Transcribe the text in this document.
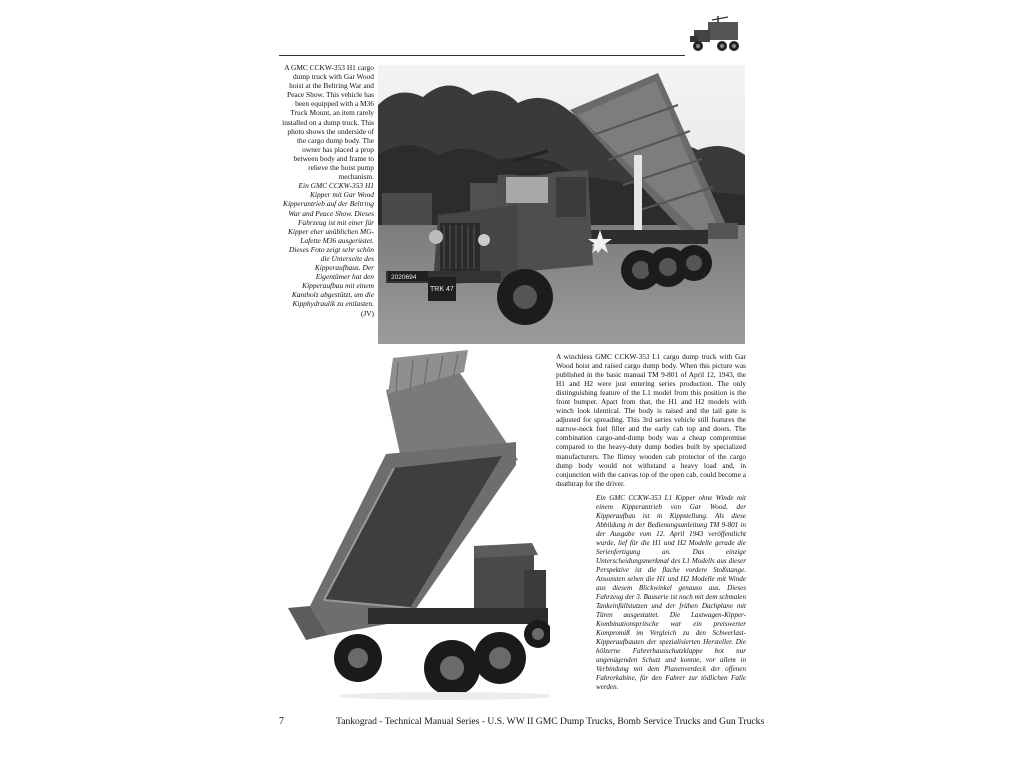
A GMC CCKW-353 H1 cargo dump truck with Gar Wood hoist at the Beltring War and Peace Show. This vehicle has been equipped with a M36 Truck Mount, an item rarely installed on a dump truck. This photo shows the underside of the cargo dump body. The owner has placed a prop between body and frame to relieve the hoist pump mechanism.

Ein GMC CCKW-353 H1 Kipper mit Gar Wood Kipperantrieb auf der Beltring War and Peace Show. Dieses Fahrzeug ist mit einer für Kipper eher unüblichen MG-Lafette M36 ausgerüstet. Dieses Foto zeigt sehr schön die Unterseite des Kipperaufbaus. Der Eigentümer hat den Kipperaufbau mit einem Kantholz abgestützt, um die Kipphydraulik zu entlasten.

(JV)

2020694
TRK 47
A winchless GMC CCKW-353 L1 cargo dump truck with Gar Wood hoist and raised cargo dump body. When this picture was published in the basic manual TM 9-801 of April 12, 1943, the H1 and H2 were just entering series production. The only distinguishing feature of the L1 model from this position is the front bumper. Apart from that, the H1 and H2 models with winch look identical. The body is raised and the tail gate is adjusted for spreading. This 3rd series vehicle still features the narrow-neck fuel filler and the early cab top and doors. The combination cargo-and-dump body was a cheap compromise compared to the heavy-duty dump bodies built by specialized manufacturers. The flimsy wooden cab protector of the cargo dump body would not withstand a heavy load and, in conjunction with the canvas top of the open cab, could become a deathtrap for the driver.
Ein GMC CCKW-353 L1 Kipper ohne Winde mit einem Kipperantrieb von Gar Wood, der Kipperaufbau ist in Kippstellung. Als diese Abbildung in der Bedienungsanleitung TM 9-801 in der Ausgabe vom 12. April 1943 veröffentlicht wurde, lief für die H1 und H2 Modelle gerade die Serienfertigung an. Das einzige Unterscheidungsmerkmal des L1 Modells aus dieser Perspektive ist die flache vordere Stoßstange. Ansonsten sehen die H1 und H2 Modelle mit Winde aus diesem Blickwinkel genauso aus. Dieses Fahrzeug der 3. Bauserie ist noch mit dem schmalen Tankeinfüllstutzen und der frühen Dachplane mit Türen ausgestattet. Die Lastwagen-Kipper-Kombinationspritsche war ein preiswerter Kompromiß im Vergleich zu den Schwerlast-Kipperaufbauten der spezialisierten Hersteller. Die hölzerne Fahrerhausschutzklappe bot nur ungenügenden Schutz und konnte, vor allem in Verbindung mit dem Planenverdeck der offenen Fahrerkabine, für den Fahrer zur tödlichen Falle werden.
7	Tankograd - Technical Manual Series - U.S. WW II GMC Dump Trucks, Bomb Service Trucks and Gun Trucks
